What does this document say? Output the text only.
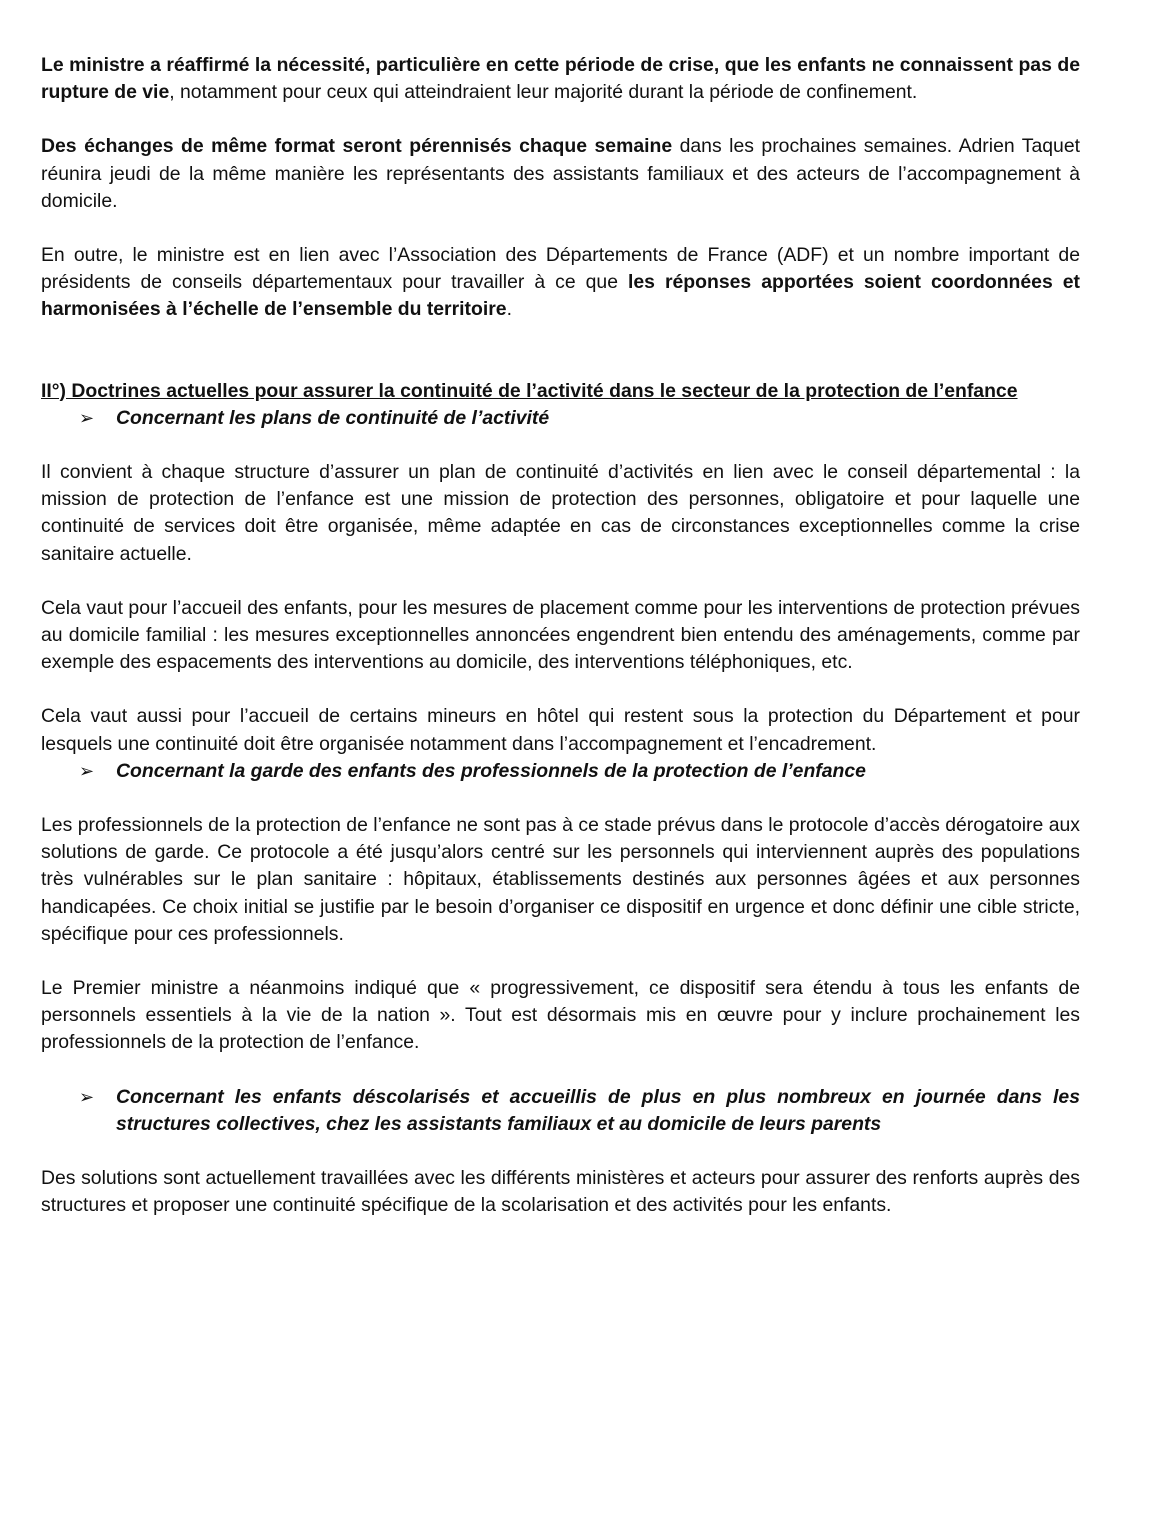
Le ministre a réaffirmé la nécessité, particulière en cette période de crise, que les enfants ne connaissent pas de rupture de vie, notamment pour ceux qui atteindraient leur majorité durant la période de confinement.

Des échanges de même format seront pérennisés chaque semaine dans les prochaines semaines. Adrien Taquet réunira jeudi de la même manière les représentants des assistants familiaux et des acteurs de l’accompagnement à domicile.

En outre, le ministre est en lien avec l’Association des Départements de France (ADF) et un nombre important de présidents de conseils départementaux pour travailler à ce que les réponses apportées soient coordonnées et harmonisées à l’échelle de l’ensemble du territoire.

II°) Doctrines actuelles pour assurer la continuité de l’activité dans le secteur de la protection de l’enfance

➢ Concernant les plans de continuité de l’activité

Il convient à chaque structure d’assurer un plan de continuité d’activités en lien avec le conseil départemental : la mission de protection de l’enfance est une mission de protection des personnes, obligatoire et pour laquelle une continuité de services doit être organisée, même adaptée en cas de circonstances exceptionnelles comme la crise sanitaire actuelle.

Cela vaut pour l’accueil des enfants, pour les mesures de placement comme pour les interventions de protection prévues au domicile familial : les mesures exceptionnelles annoncées engendrent bien entendu des aménagements, comme par exemple des espacements des interventions au domicile, des interventions téléphoniques, etc.

Cela vaut aussi pour l’accueil de certains mineurs en hôtel qui restent sous la protection du Département et pour lesquels une continuité doit être organisée notamment dans l’accompagnement et l’encadrement.

➢ Concernant la garde des enfants des professionnels de la protection de l’enfance

Les professionnels de la protection de l’enfance ne sont pas à ce stade prévus dans le protocole d’accès dérogatoire aux solutions de garde. Ce protocole a été jusqu’alors centré sur les personnels qui interviennent auprès des populations très vulnérables sur le plan sanitaire : hôpitaux, établissements destinés aux personnes âgées et aux personnes handicapées. Ce choix initial se justifie par le besoin d’organiser ce dispositif en urgence et donc définir une cible stricte, spécifique pour ces professionnels.

Le Premier ministre a néanmoins indiqué que « progressivement, ce dispositif sera étendu à tous les enfants de personnels essentiels à la vie de la nation ». Tout est désormais mis en œuvre pour y inclure prochainement les professionnels de la protection de l’enfance.

➢ Concernant les enfants déscolarisés et accueillis de plus en plus nombreux en journée dans les structures collectives, chez les assistants familiaux et au domicile de leurs parents

Des solutions sont actuellement travaillées avec les différents ministères et acteurs pour assurer des renforts auprès des structures et proposer une continuité spécifique de la scolarisation et des activités pour les enfants.
